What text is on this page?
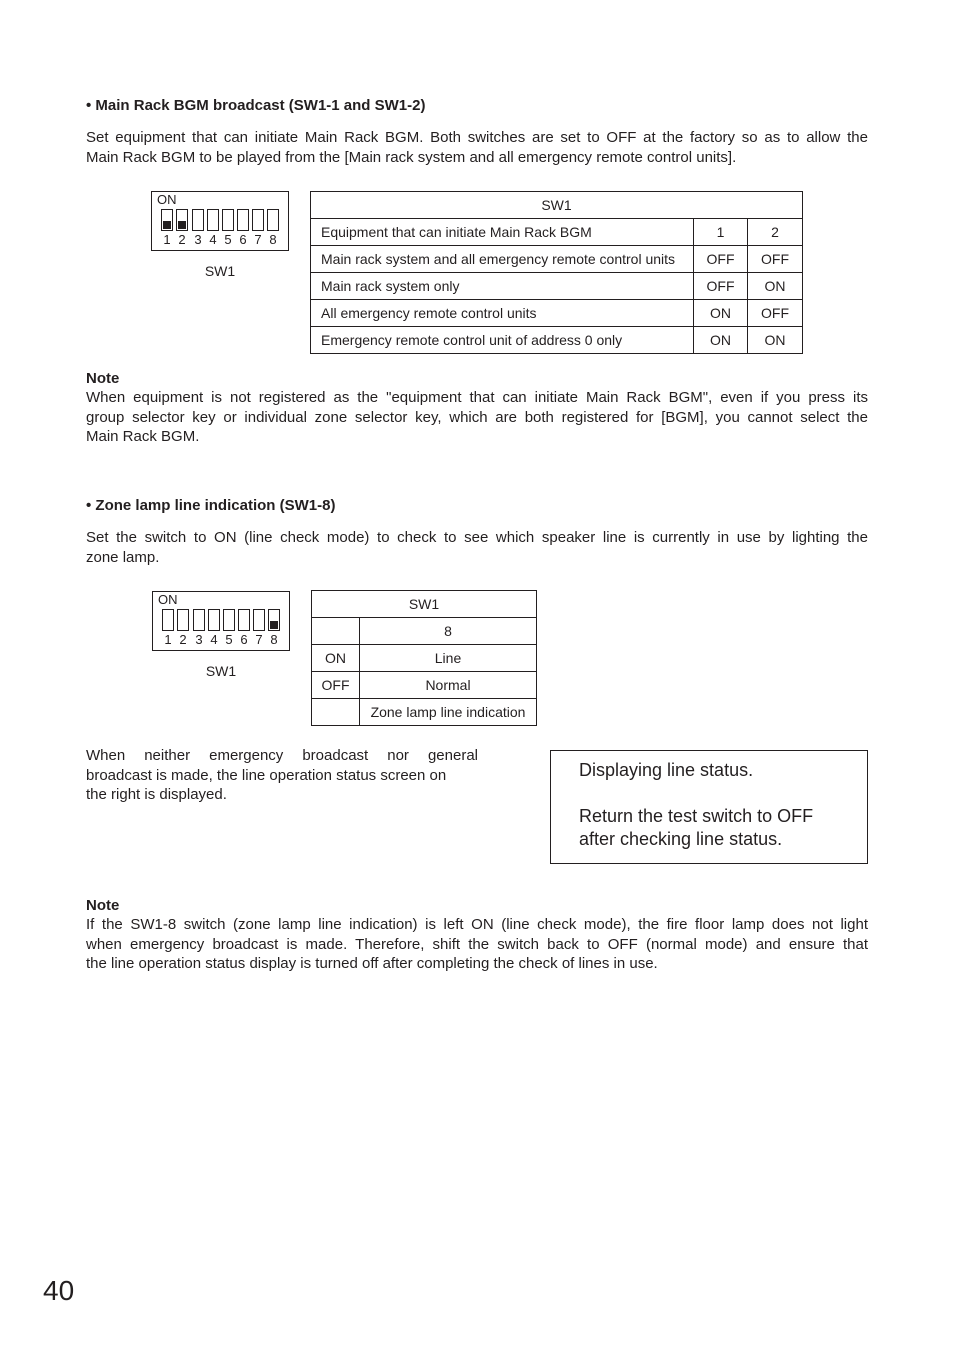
• Main Rack BGM broadcast (SW1-1 and SW1-2)
Set equipment that can initiate Main Rack BGM. Both switches are set to OFF at the factory so as to allow the
Main Rack BGM to be played from the [Main rack system and all emergency remote control units].
ON
1 2 3 4 5 6 7 8
SW1
SW1		
Equipment that can initiate Main Rack BGM	1	2
Main rack system and all emergency remote control units	OFF	OFF
Main rack system only	OFF	ON
All emergency remote control units	ON	OFF
Emergency remote control unit of address 0 only	ON	ON
Note
When equipment is not registered as the "equipment that can initiate Main Rack BGM", even if you press its
group selector key or individual zone selector key, which are both registered for [BGM], you cannot select the
Main Rack BGM.
• Zone lamp line indication (SW1-8)
Set the switch to ON (line check mode) to check to see which speaker line is currently in use by lighting the
zone lamp.
ON
1 2 3 4 5 6 7 8
SW1
SW1	
	8
ON	Line
OFF	Normal
	Zone lamp line indication
When neither emergency broadcast nor general
broadcast is made, the line operation status screen on
the right is displayed.
Displaying line status.
Return the test switch to OFF
after checking line status.
Note
If the SW1-8 switch (zone lamp line indication) is left ON (line check mode), the fire floor lamp does not light
when emergency broadcast is made. Therefore, shift the switch back to OFF (normal mode) and ensure that
the line operation status display is turned off after completing the check of lines in use.
40
